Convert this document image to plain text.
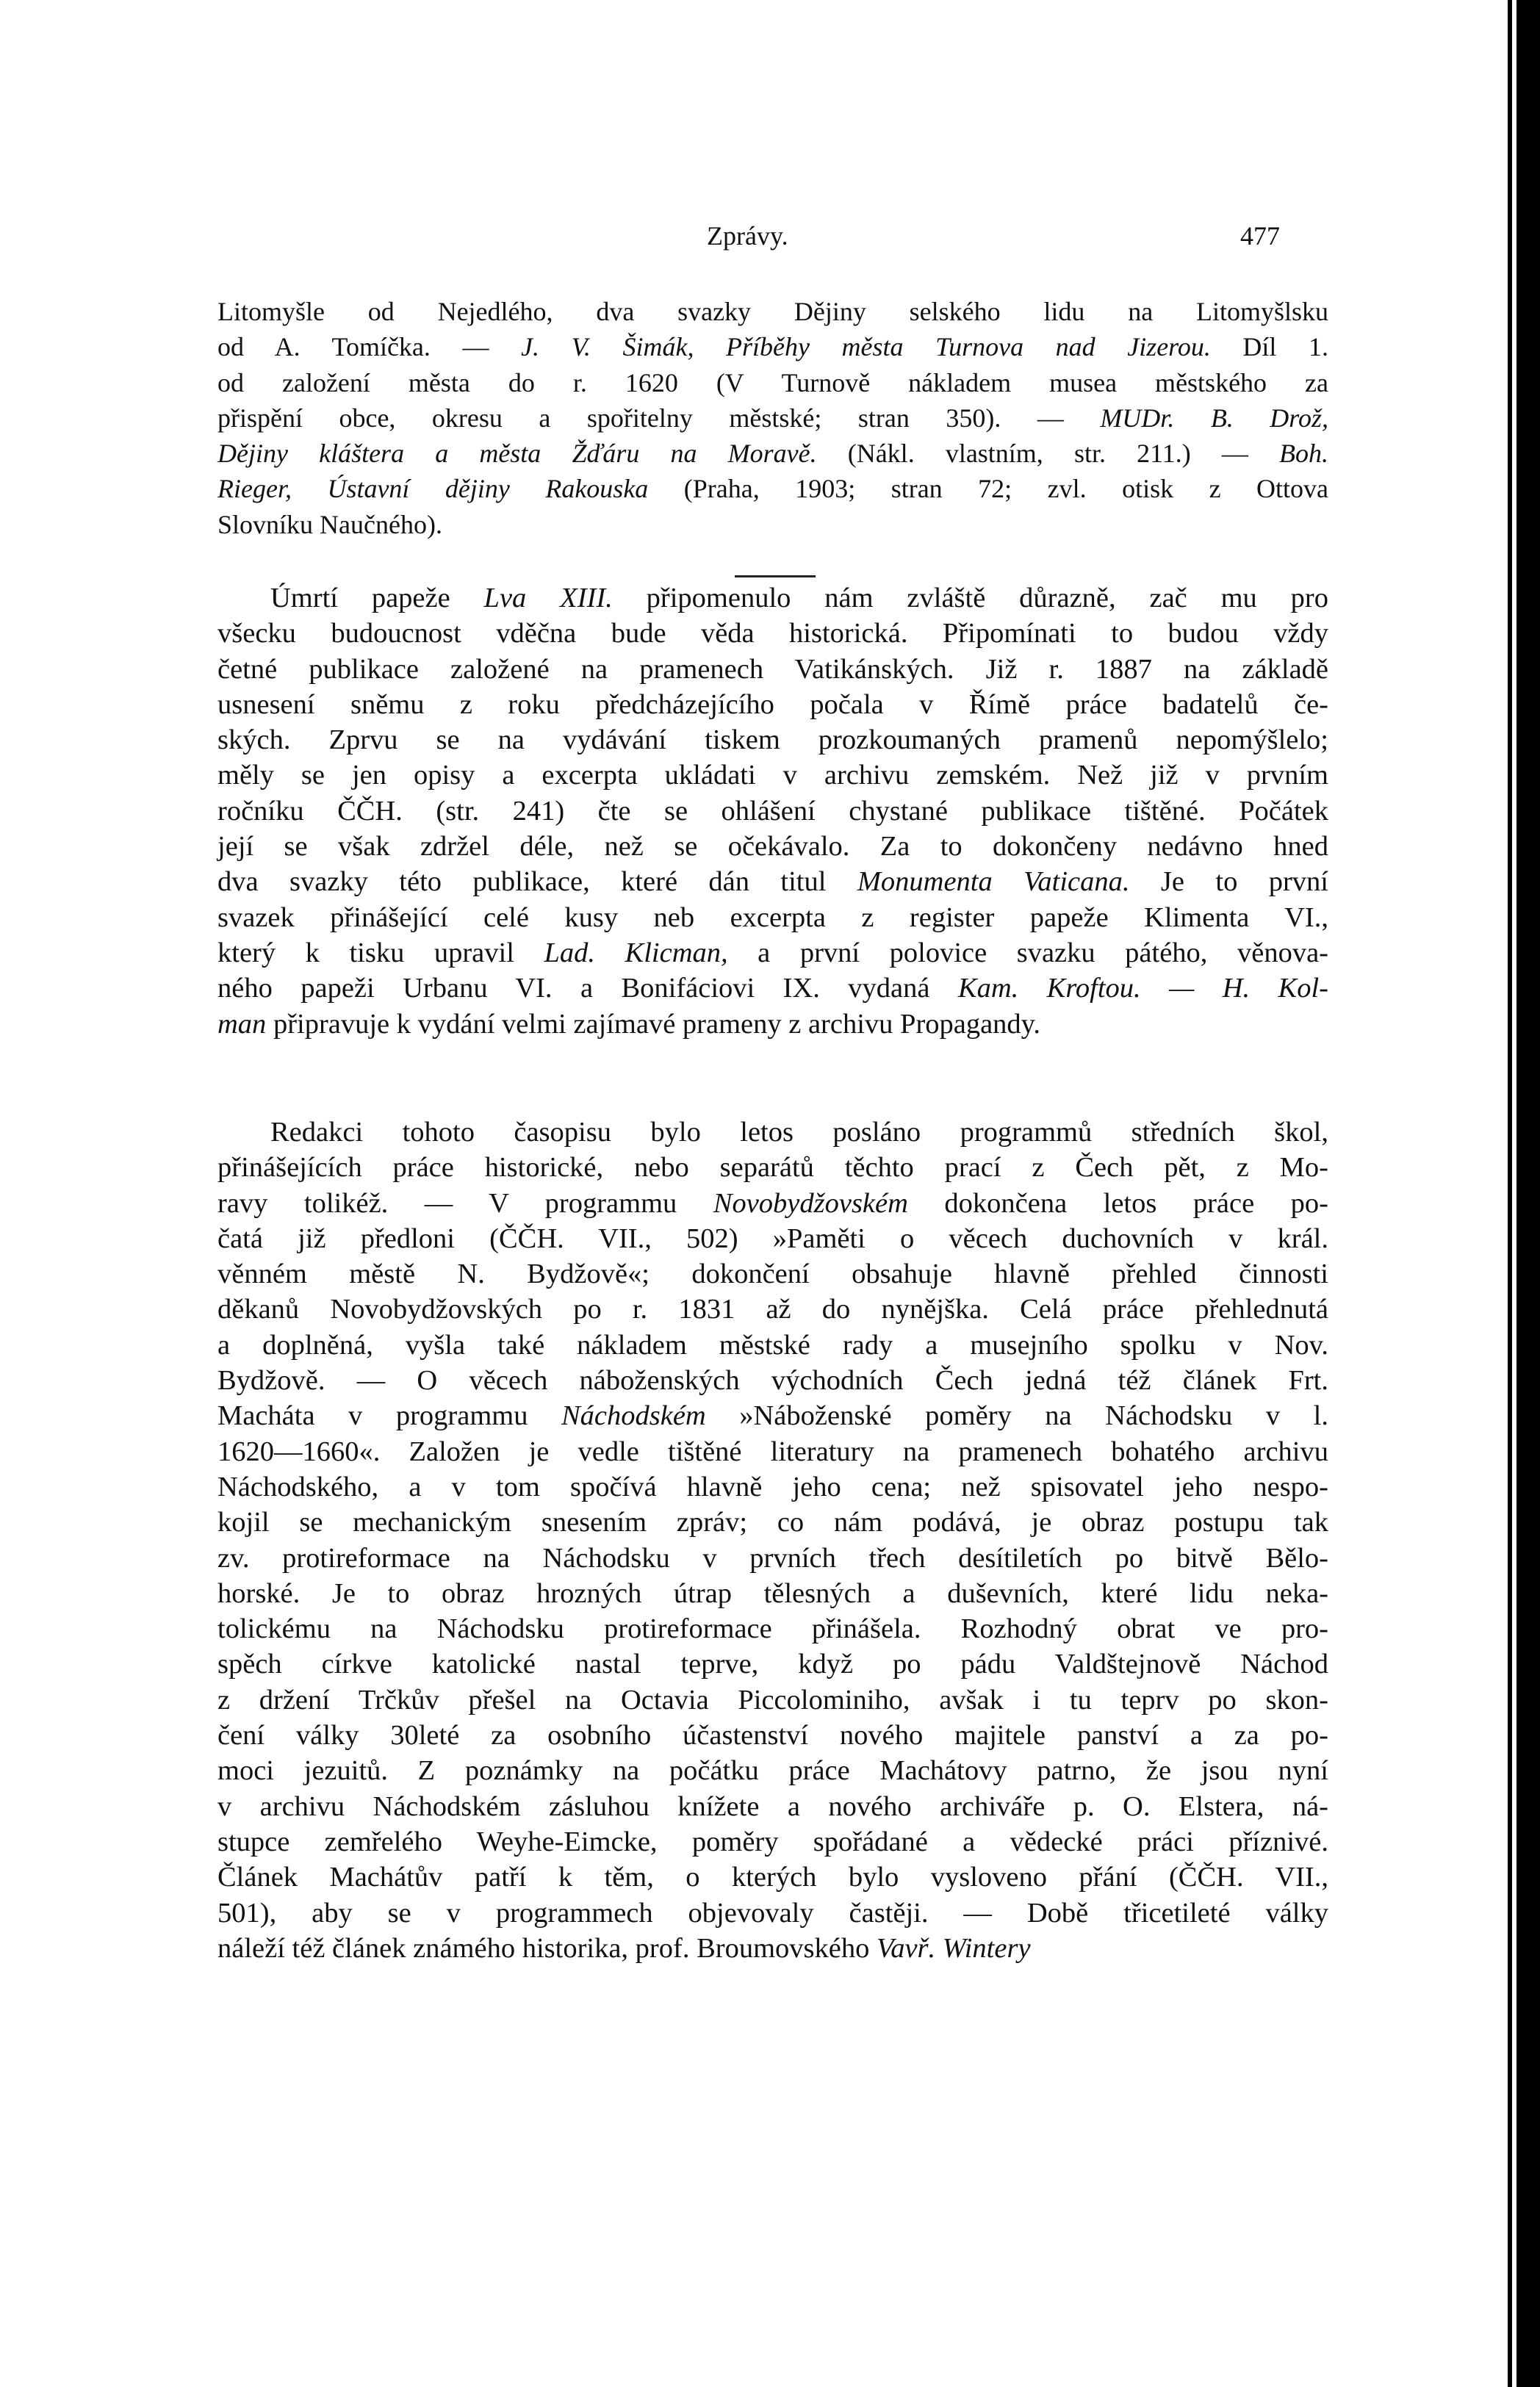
Zprávy.	477
Litomyšle od Nejedlého, dva svazky Dějiny selského lidu na Litomyšlsku
od A. Tomíčka. — J. V. Šimák, Příběhy města Turnova nad Jizerou. Díl 1.
od založení města do r. 1620 (V Turnově nákladem musea městského za
přispění obce, okresu a spořitelny městské; stran 350). — MUDr. B. Drož,
Dějiny kláštera a města Žďáru na Moravě. (Nákl. vlastním, str. 211.) — Boh.
Rieger, Ústavní dějiny Rakouska (Praha, 1903; stran 72; zvl. otisk z Ottova
Slovníku Naučného).
Úmrtí papeže Lva XIII. připomenulo nám zvláště důrazně, zač mu pro
všecku budoucnost vděčna bude věda historická. Připomínati to budou vždy
četné publikace založené na pramenech Vatikánských. Již r. 1887 na základě
usnesení sněmu z roku předcházejícího počala v Římě práce badatelů če-
ských. Zprvu se na vydávání tiskem prozkoumaných pramenů nepomýšlelo;
měly se jen opisy a excerpta ukládati v archivu zemském. Než již v prvním
ročníku ČČH. (str. 241) čte se ohlášení chystané publikace tištěné. Počátek
její se však zdržel déle, než se očekávalo. Za to dokončeny nedávno hned
dva svazky této publikace, které dán titul Monumenta Vaticana. Je to první
svazek přinášející celé kusy neb excerpta z register papeže Klimenta VI.,
který k tisku upravil Lad. Klicman, a první polovice svazku pátého, věnova-
ného papeži Urbanu VI. a Bonifáciovi IX. vydaná Kam. Kroftou. — H. Kol-
man připravuje k vydání velmi zajímavé prameny z archivu Propagandy.
Redakci tohoto časopisu bylo letos posláno programmů středních škol,
přinášejících práce historické, nebo separátů těchto prací z Čech pět, z Mo-
ravy tolikéž. — V programmu Novobydžovském dokončena letos práce po-
čatá již předloni (ČČH. VII., 502) »Paměti o věcech duchovních v král.
věnném městě N. Bydžově«; dokončení obsahuje hlavně přehled činnosti
děkanů Novobydžovských po r. 1831 až do nynějška. Celá práce přehlednutá
a doplněná, vyšla také nákladem městské rady a musejního spolku v Nov.
Bydžově. — O věcech náboženských východních Čech jedná též článek Frt.
Macháta v programmu Náchodském »Náboženské poměry na Náchodsku v l.
1620—1660«. Založen je vedle tištěné literatury na pramenech bohatého archivu
Náchodského, a v tom spočívá hlavně jeho cena; než spisovatel jeho nespo-
kojil se mechanickým snesením zpráv; co nám podává, je obraz postupu tak
zv. protireformace na Náchodsku v prvních třech desítiletích po bitvě Bělo-
horské. Je to obraz hrozných útrap tělesných a duševních, které lidu neka-
tolickému na Náchodsku protireformace přinášela. Rozhodný obrat ve pro-
spěch církve katolické nastal teprve, když po pádu Valdštejnově Náchod
z držení Trčkův přešel na Octavia Piccolominiho, avšak i tu teprv po skon-
čení války 30leté za osobního účastenství nového majitele panství a za po-
moci jezuitů. Z poznámky na počátku práce Machátovy patrno, že jsou nyní
v archivu Náchodském zásluhou knížete a nového archiváře p. O. Elstera, ná-
stupce zemřelého Weyhe-Eimcke, poměry spořádané a vědecké práci příznivé.
Článek Machátův patří k těm, o kterých bylo vysloveno přání (ČČH. VII.,
501), aby se v programmech objevovaly častěji. — Době třicetileté války
náleží též článek známého historika, prof. Broumovského Vavř. Wintery
